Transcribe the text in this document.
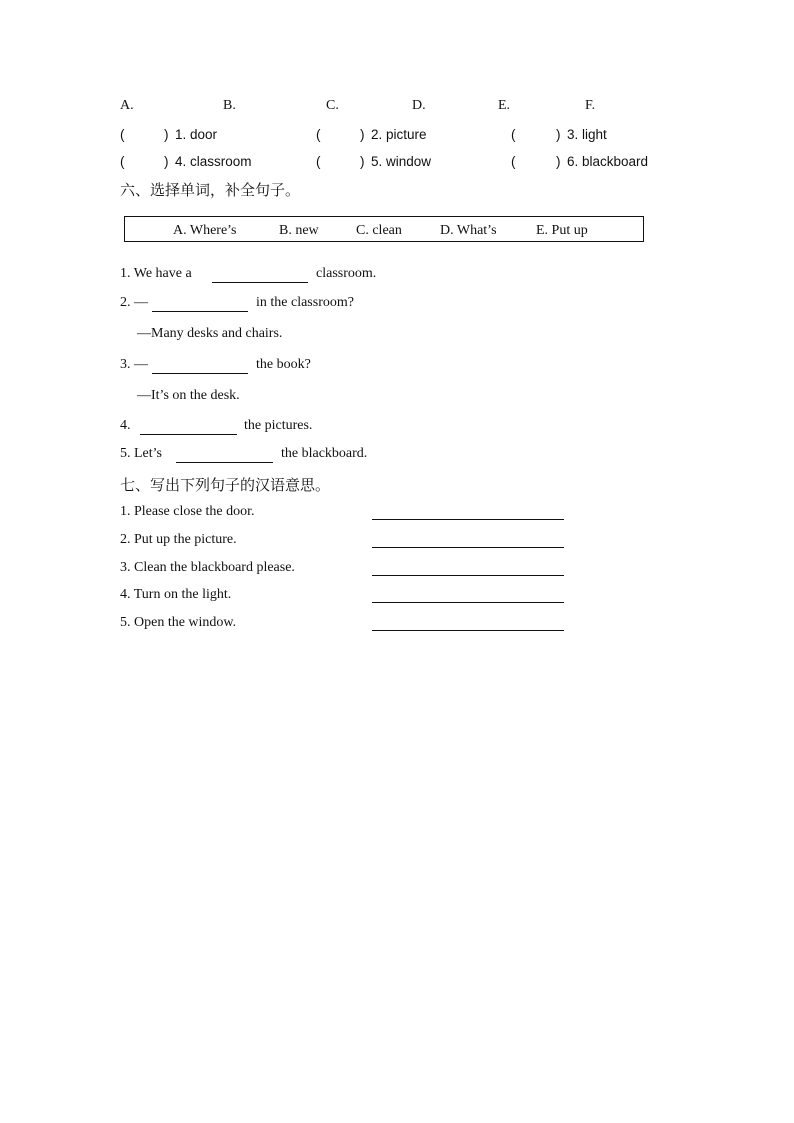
A.	B.	C.	D.	E.	F.
(	) 1. door	(	) 2. picture	(	) 3. light
(	) 4. classroom	(	) 5. window	(	) 6. blackboard
六、选择单词，补全句子。
A. Where’s	B. new	C. clean	D. What’s	E. Put up
1. We have a	classroom.
2. —	in the classroom?
—Many desks and chairs.
3. —	the book?
—It’s on the desk.
4.	the pictures.
5. Let’s	the blackboard.
七、写出下列句子的汉语意思。
1. Please close the door.
2. Put up the picture.
3. Clean the blackboard please.
4. Turn on the light.
5. Open the window.
